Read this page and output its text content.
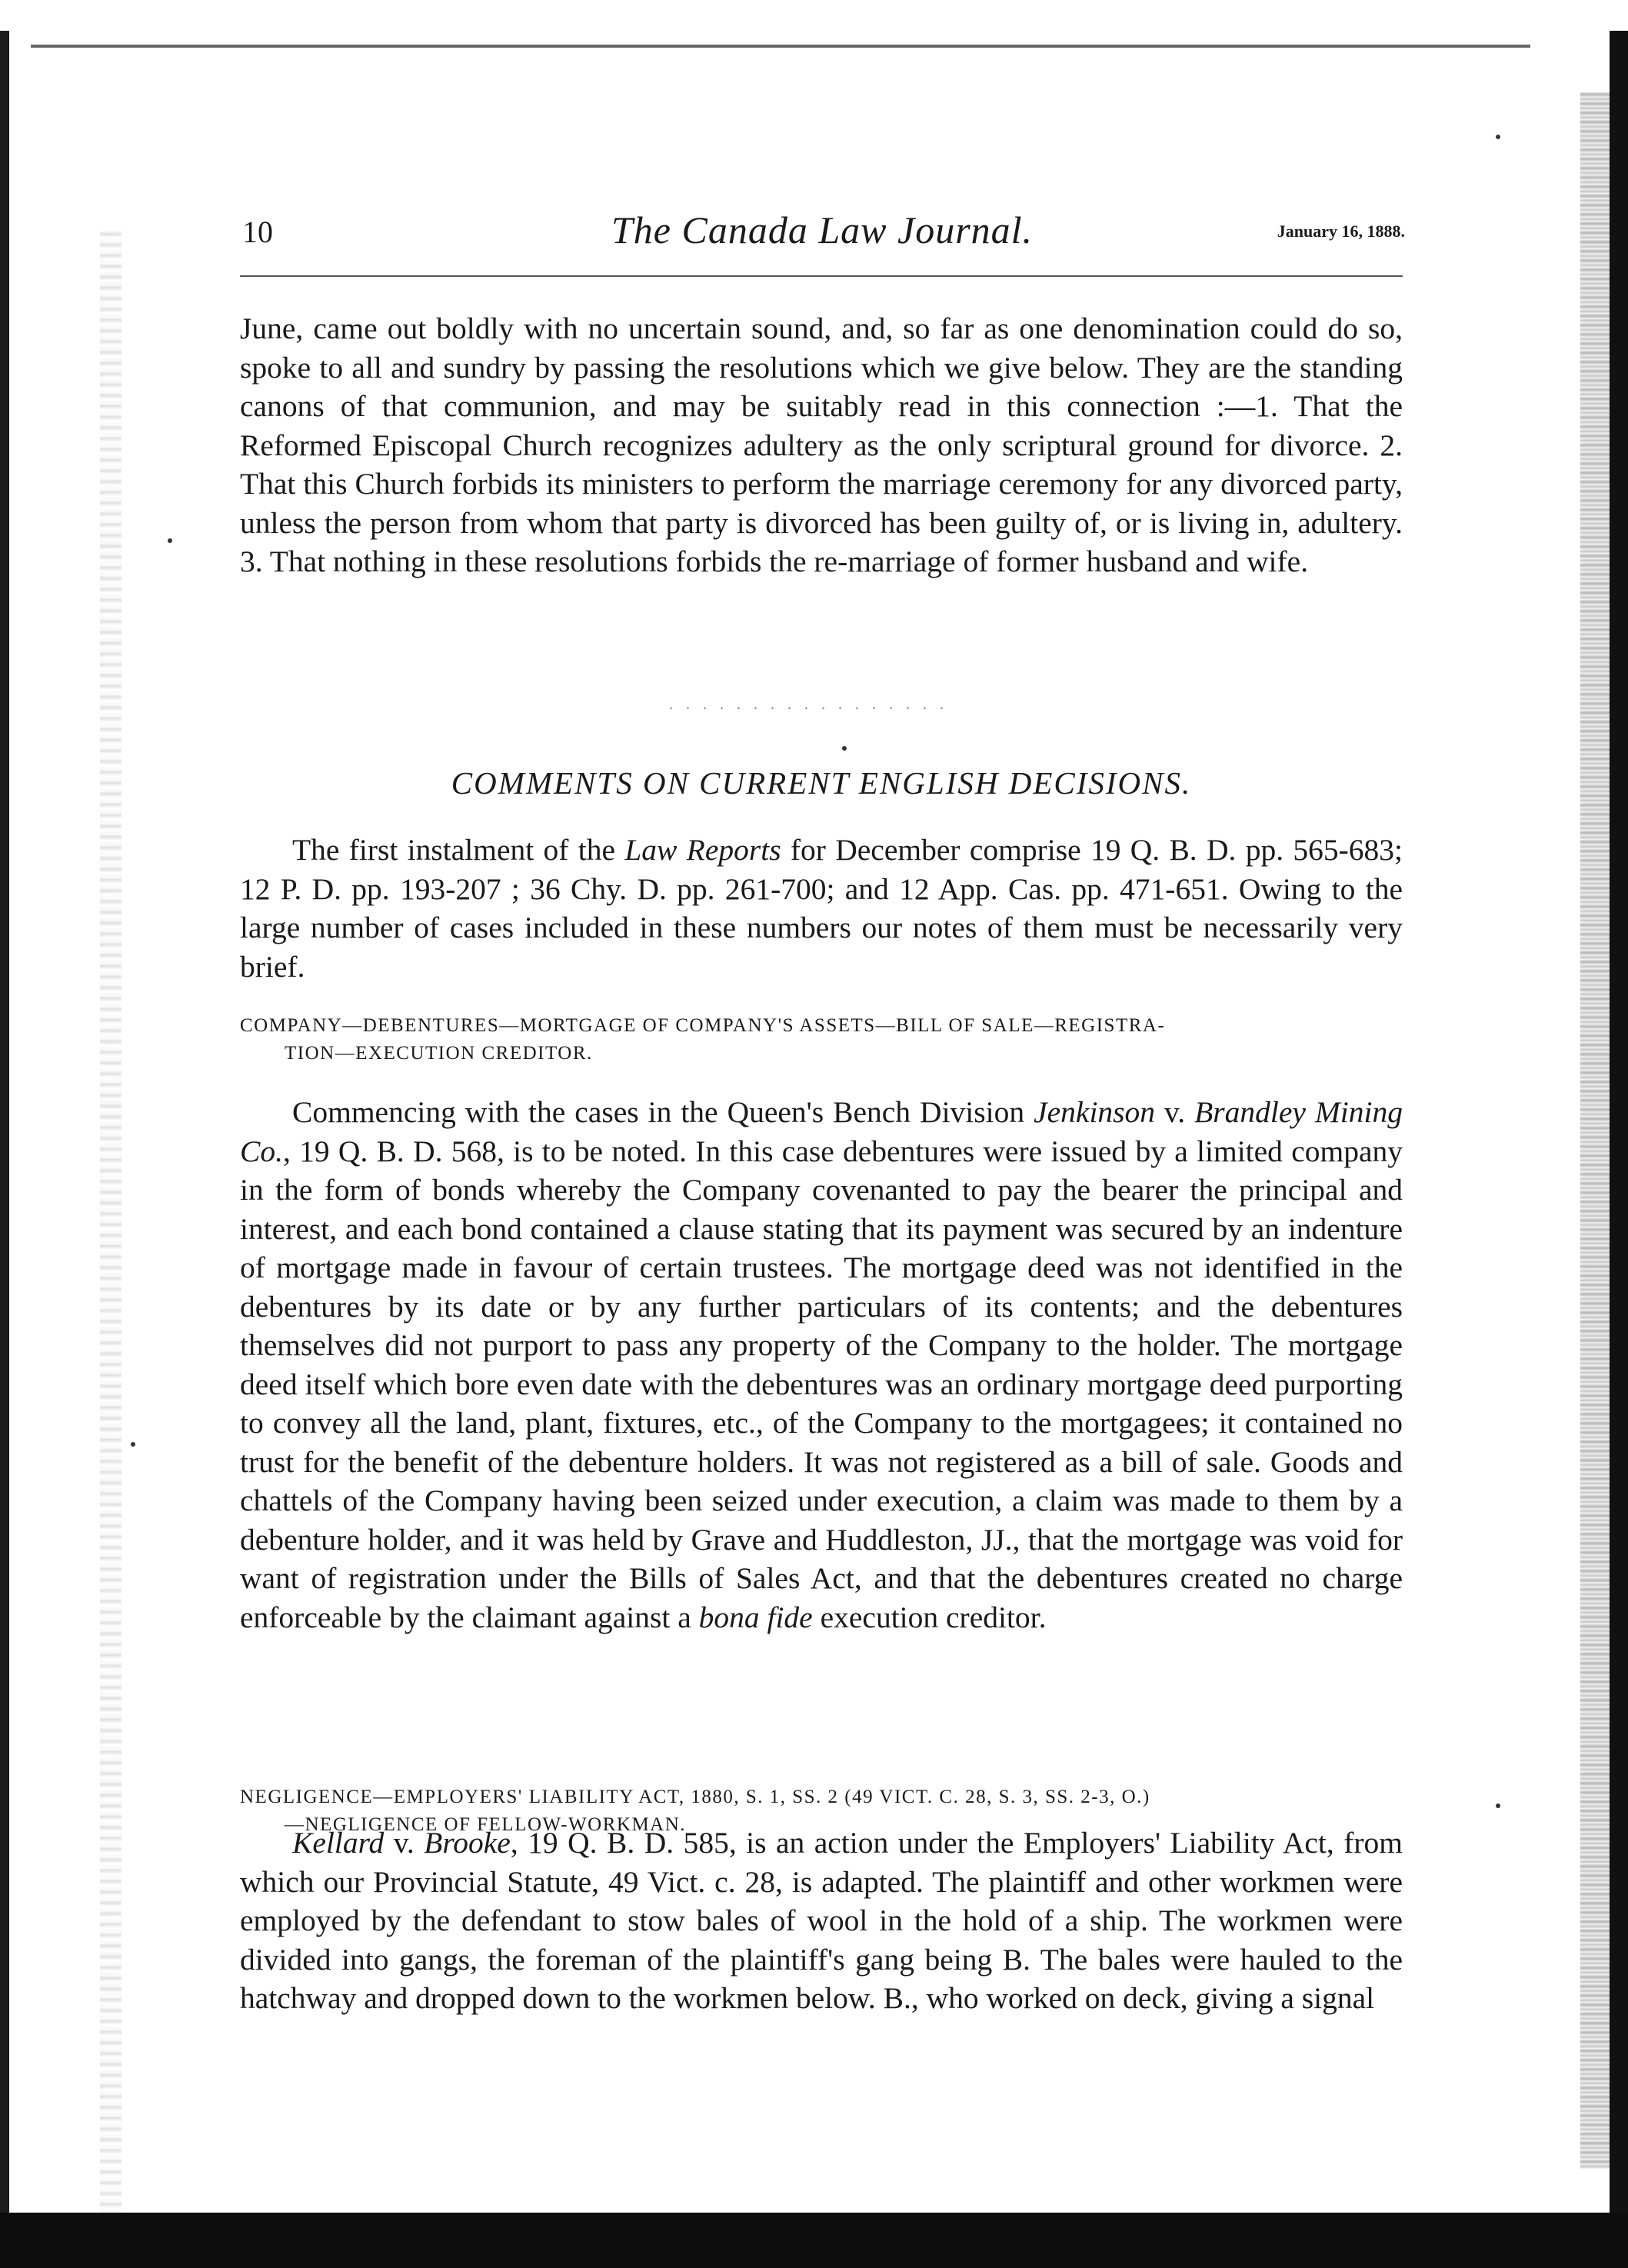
10	The Canada Law Journal.	January 16, 1888.

June, came out boldly with no uncertain sound, and, so far as one denomination could do so, spoke to all and sundry by passing the resolutions which we give below. They are the standing canons of that communion, and may be suitably read in this connection :—1. That the Reformed Episcopal Church recognizes adultery as the only scriptural ground for divorce. 2. That this Church forbids its ministers to perform the marriage ceremony for any divorced party, unless the person from whom that party is divorced has been guilty of, or is living in, adultery. 3. That nothing in these resolutions forbids the re-marriage of former husband and wife.

. . . . . . . . . . . . . . . . .
COMMENTS ON CURRENT ENGLISH DECISIONS.

The first instalment of the Law Reports for December comprise 19 Q. B. D. pp. 565-683; 12 P. D. pp. 193-207 ; 36 Chy. D. pp. 261-700; and 12 App. Cas. pp. 471-651. Owing to the large number of cases included in these numbers our notes of them must be necessarily very brief.

COMPANY—DEBENTURES—MORTGAGE OF COMPANY'S ASSETS—BILL OF SALE—REGISTRA-
TION—EXECUTION CREDITOR.

Commencing with the cases in the Queen's Bench Division Jenkinson v. Brandley Mining Co., 19 Q. B. D. 568, is to be noted. In this case debentures were issued by a limited company in the form of bonds whereby the Company covenanted to pay the bearer the principal and interest, and each bond contained a clause stating that its payment was secured by an indenture of mortgage made in favour of certain trustees. The mortgage deed was not identified in the debentures by its date or by any further particulars of its contents; and the debentures themselves did not purport to pass any property of the Company to the holder. The mortgage deed itself which bore even date with the debentures was an ordinary mortgage deed purporting to convey all the land, plant, fixtures, etc., of the Company to the mortgagees; it contained no trust for the benefit of the debenture holders. It was not registered as a bill of sale. Goods and chattels of the Company having been seized under execution, a claim was made to them by a debenture holder, and it was held by Grave and Huddleston, JJ., that the mortgage was void for want of registration under the Bills of Sales Act, and that the debentures created no charge enforceable by the claimant against a bona fide execution creditor.

NEGLIGENCE—EMPLOYERS' LIABILITY ACT, 1880, S. 1, SS. 2 (49 VICT. C. 28, S. 3, SS. 2-3, O.)
—NEGLIGENCE OF FELLOW-WORKMAN.

Kellard v. Brooke, 19 Q. B. D. 585, is an action under the Employers' Liability Act, from which our Provincial Statute, 49 Vict. c. 28, is adapted. The plaintiff and other workmen were employed by the defendant to stow bales of wool in the hold of a ship. The workmen were divided into gangs, the foreman of the plaintiff's gang being B. The bales were hauled to the hatchway and dropped down to the workmen below. B., who worked on deck, giving a signal
